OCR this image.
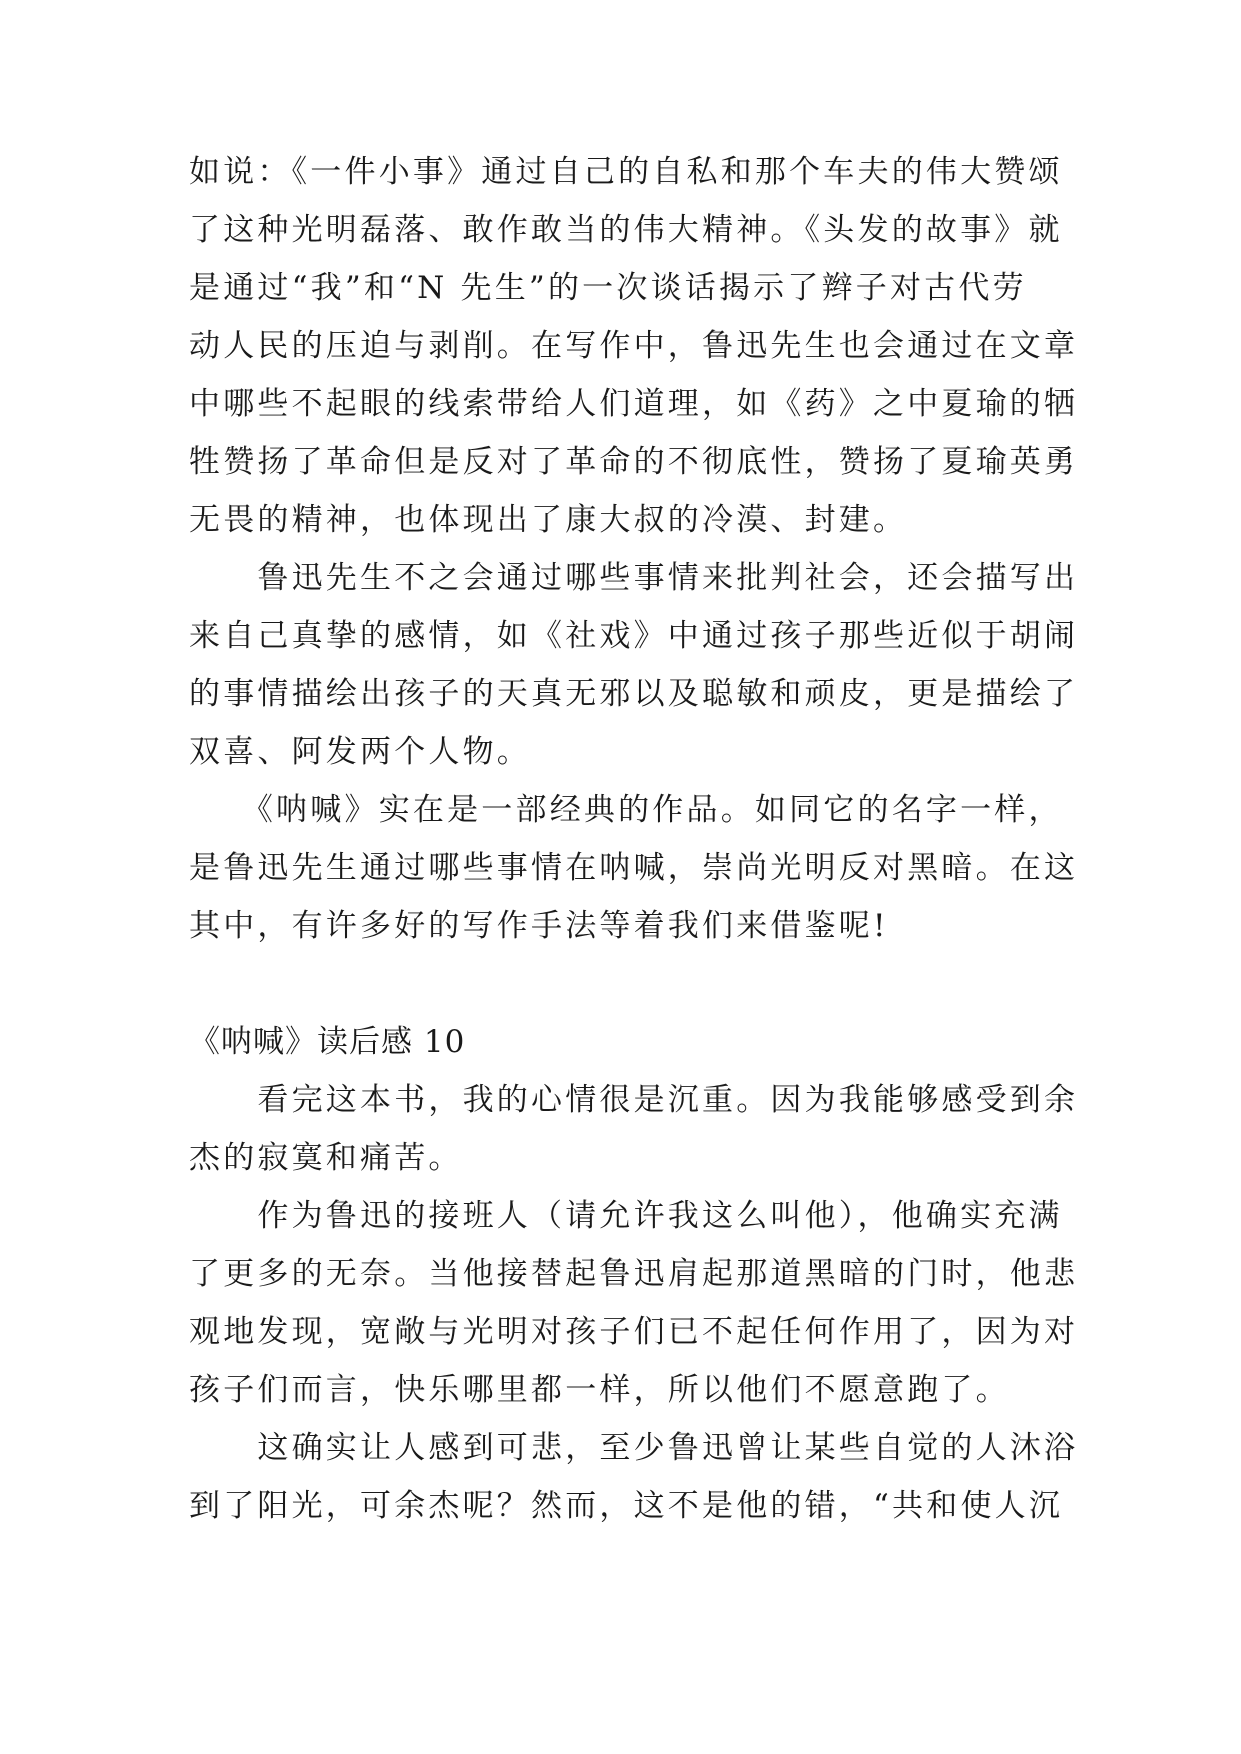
如说：《一件小事》通过自己的自私和那个车夫的伟大赞颂
了这种光明磊落、敢作敢当的伟大精神。《头发的故事》就
是通过“我”和“N 先生”的一次谈话揭示了辫子对古代劳
动人民的压迫与剥削。在写作中，鲁迅先生也会通过在文章
中哪些不起眼的线索带给人们道理，如《药》之中夏瑜的牺
牲赞扬了革命但是反对了革命的不彻底性，赞扬了夏瑜英勇
无畏的精神，也体现出了康大叔的冷漠、封建。
　　鲁迅先生不之会通过哪些事情来批判社会，还会描写出
来自己真挚的感情，如《社戏》中通过孩子那些近似于胡闹
的事情描绘出孩子的天真无邪以及聪敏和顽皮，更是描绘了
双喜、阿发两个人物。
　　《呐喊》实在是一部经典的作品。如同它的名字一样，
是鲁迅先生通过哪些事情在呐喊，崇尚光明反对黑暗。在这
其中，有许多好的写作手法等着我们来借鉴呢!
《呐喊》读后感 10
　　看完这本书，我的心情很是沉重。因为我能够感受到余
杰的寂寞和痛苦。
　　作为鲁迅的接班人（请允许我这么叫他），他确实充满
了更多的无奈。当他接替起鲁迅肩起那道黑暗的门时，他悲
观地发现，宽敞与光明对孩子们已不起任何作用了，因为对
孩子们而言，快乐哪里都一样，所以他们不愿意跑了。
　　这确实让人感到可悲，至少鲁迅曾让某些自觉的人沐浴
到了阳光，可余杰呢？然而，这不是他的错，“共和使人沉
